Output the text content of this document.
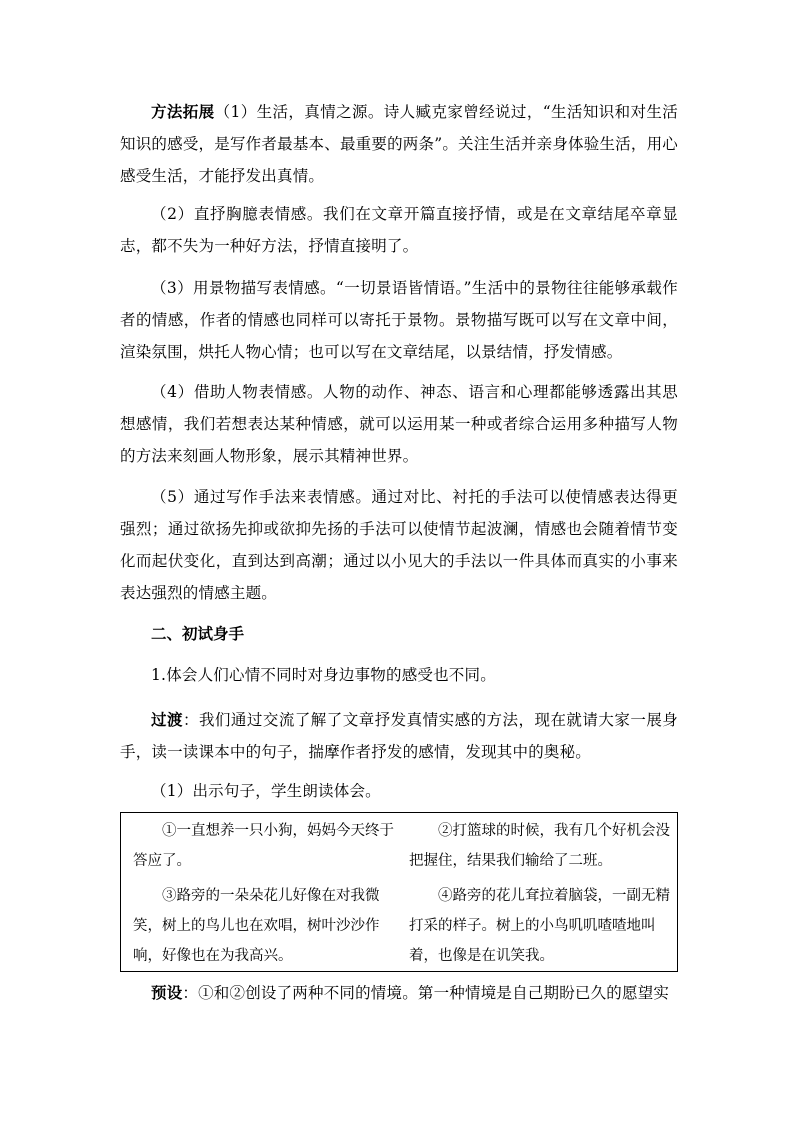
方法拓展（1）生活，真情之源。诗人臧克家曾经说过，“生活知识和对生活知识的感受，是写作者最基本、最重要的两条”。关注生活并亲身体验生活，用心感受生活，才能抒发出真情。

（2）直抒胸臆表情感。我们在文章开篇直接抒情，或是在文章结尾卒章显志，都不失为一种好方法，抒情直接明了。

（3）用景物描写表情感。“一切景语皆情语。”生活中的景物往往能够承载作者的情感，作者的情感也同样可以寄托于景物。景物描写既可以写在文章中间，渲染氛围，烘托人物心情；也可以写在文章结尾，以景结情，抒发情感。

（4）借助人物表情感。人物的动作、神态、语言和心理都能够透露出其思想感情，我们若想表达某种情感，就可以运用某一种或者综合运用多种描写人物的方法来刻画人物形象，展示其精神世界。

（5）通过写作手法来表情感。通过对比、衬托的手法可以使情感表达得更强烈；通过欲扬先抑或欲抑先扬的手法可以使情节起波澜，情感也会随着情节变化而起伏变化，直到达到高潮；通过以小见大的手法以一件具体而真实的小事来表达强烈的情感主题。

二、初试身手

1.体会人们心情不同时对身边事物的感受也不同。

过渡：我们通过交流了解了文章抒发真情实感的方法，现在就请大家一展身手，读一读课本中的句子，揣摩作者抒发的感情，发现其中的奥秘。

（1）出示句子，学生朗读体会。

①一直想养一只小狗，妈妈今天终于答应了。

②打篮球的时候，我有几个好机会没把握住，结果我们输给了二班。

③路旁的一朵朵花儿好像在对我微笑，树上的鸟儿也在欢唱，树叶沙沙作响，好像也在为我高兴。

④路旁的花儿耷拉着脑袋，一副无精打采的样子。树上的小鸟叽叽喳喳地叫着，也像是在讥笑我。

预设：①和②创设了两种不同的情境。第一种情境是自己期盼已久的愿望实
